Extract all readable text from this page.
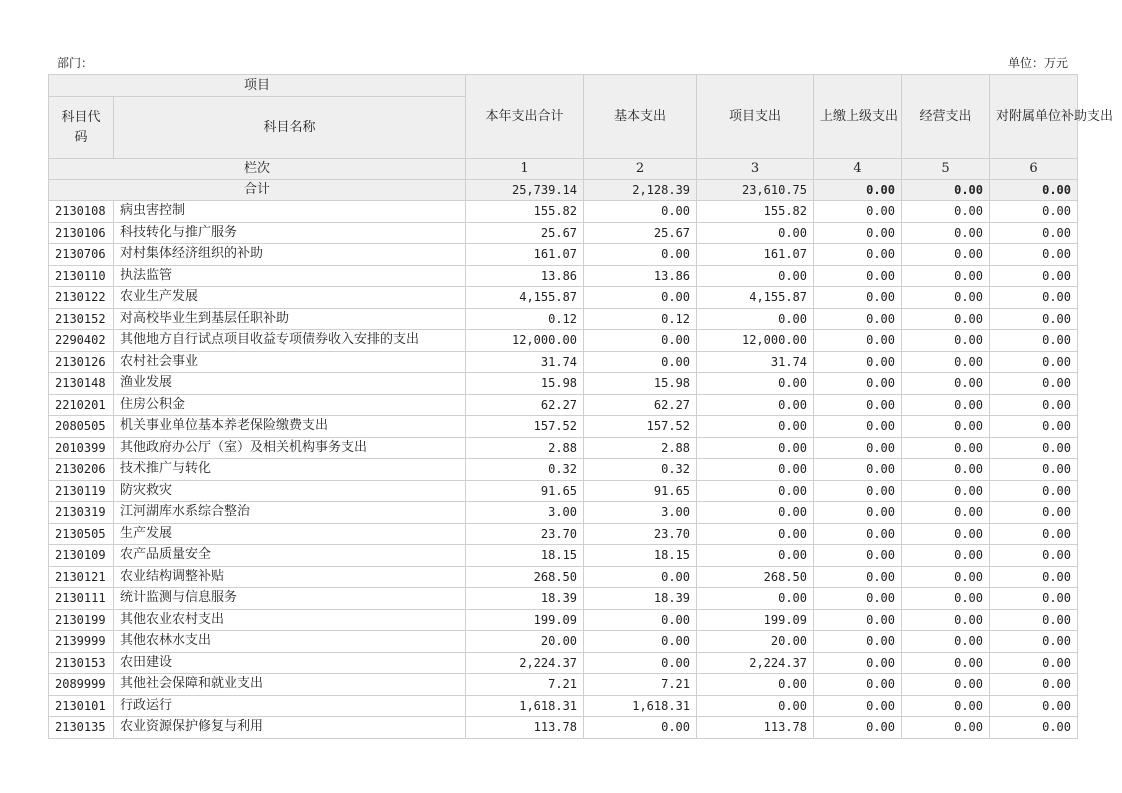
部门：	单位：万元
项目		本年支出合计	基本支出	项目支出	上缴上级支出	经营支出	对附属单位补助支出
科目代码	科目名称						
栏次		1	2	3	4	5	6
合计		25,739.14	2,128.39	23,610.75	0.00	0.00	0.00
2130108	病虫害控制	155.82	0.00	155.82	0.00	0.00	0.00
2130106	科技转化与推广服务	25.67	25.67	0.00	0.00	0.00	0.00
2130706	对村集体经济组织的补助	161.07	0.00	161.07	0.00	0.00	0.00
2130110	执法监管	13.86	13.86	0.00	0.00	0.00	0.00
2130122	农业生产发展	4,155.87	0.00	4,155.87	0.00	0.00	0.00
2130152	对高校毕业生到基层任职补助	0.12	0.12	0.00	0.00	0.00	0.00
2290402	其他地方自行试点项目收益专项债券收入安排的支出	12,000.00	0.00	12,000.00	0.00	0.00	0.00
2130126	农村社会事业	31.74	0.00	31.74	0.00	0.00	0.00
2130148	渔业发展	15.98	15.98	0.00	0.00	0.00	0.00
2210201	住房公积金	62.27	62.27	0.00	0.00	0.00	0.00
2080505	机关事业单位基本养老保险缴费支出	157.52	157.52	0.00	0.00	0.00	0.00
2010399	其他政府办公厅（室）及相关机构事务支出	2.88	2.88	0.00	0.00	0.00	0.00
2130206	技术推广与转化	0.32	0.32	0.00	0.00	0.00	0.00
2130119	防灾救灾	91.65	91.65	0.00	0.00	0.00	0.00
2130319	江河湖库水系综合整治	3.00	3.00	0.00	0.00	0.00	0.00
2130505	生产发展	23.70	23.70	0.00	0.00	0.00	0.00
2130109	农产品质量安全	18.15	18.15	0.00	0.00	0.00	0.00
2130121	农业结构调整补贴	268.50	0.00	268.50	0.00	0.00	0.00
2130111	统计监测与信息服务	18.39	18.39	0.00	0.00	0.00	0.00
2130199	其他农业农村支出	199.09	0.00	199.09	0.00	0.00	0.00
2139999	其他农林水支出	20.00	0.00	20.00	0.00	0.00	0.00
2130153	农田建设	2,224.37	0.00	2,224.37	0.00	0.00	0.00
2089999	其他社会保障和就业支出	7.21	7.21	0.00	0.00	0.00	0.00
2130101	行政运行	1,618.31	1,618.31	0.00	0.00	0.00	0.00
2130135	农业资源保护修复与利用	113.78	0.00	113.78	0.00	0.00	0.00
